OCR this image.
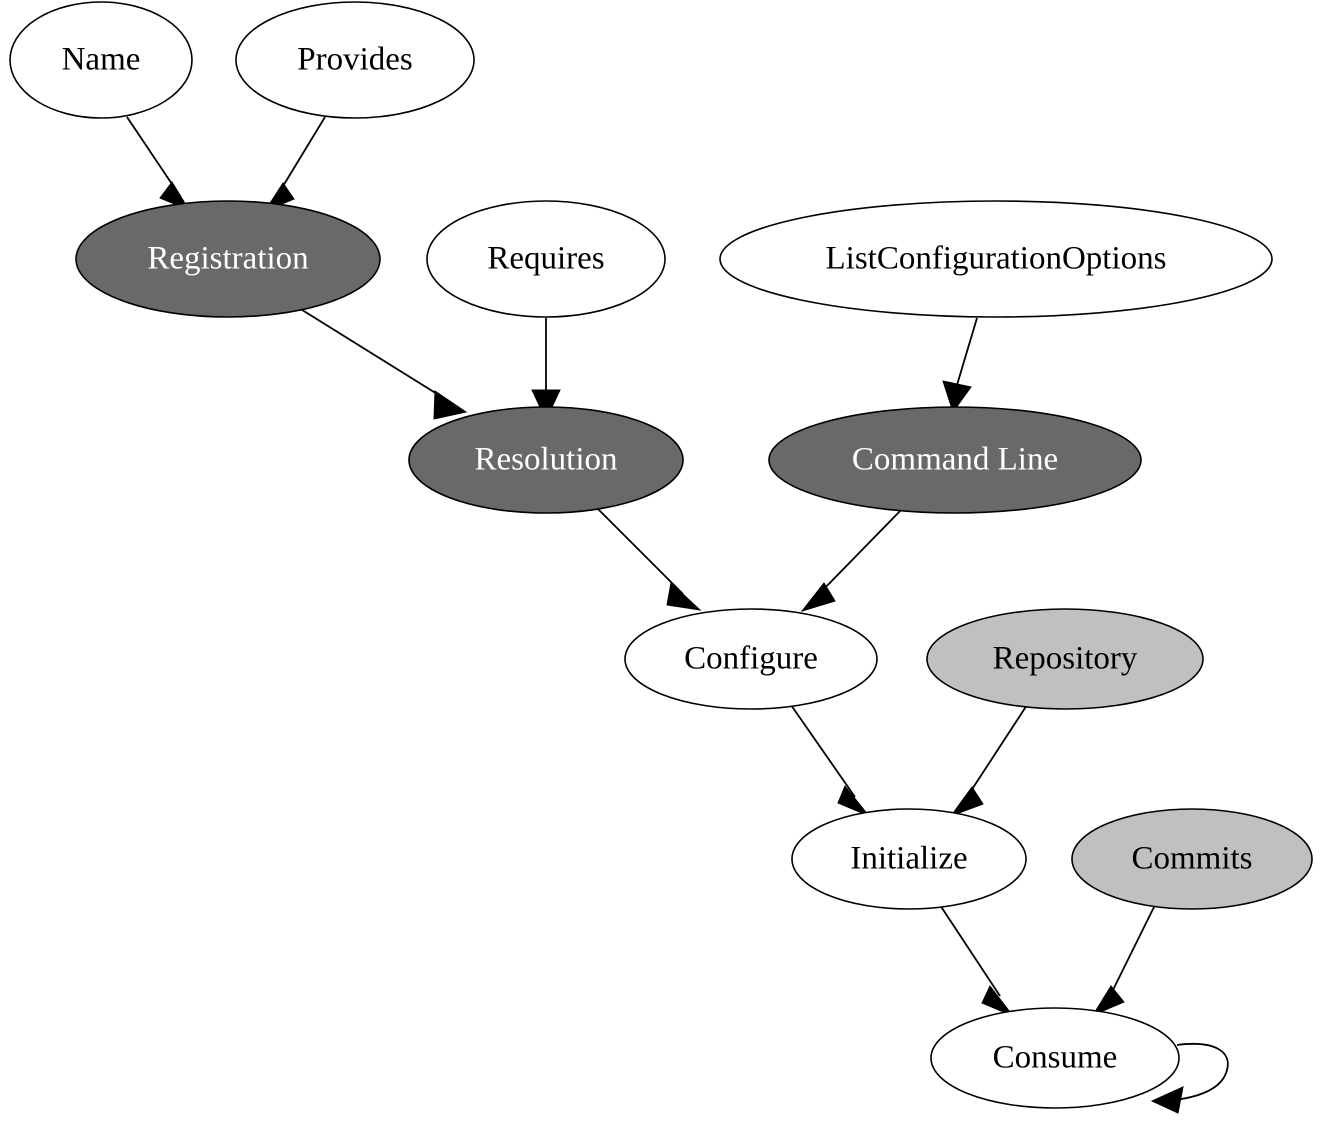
Name	Provides
Registration	Requires	ListConfigurationOptions
Resolution	Command Line
Configure	Repository
Initialize	Commits
Consume
